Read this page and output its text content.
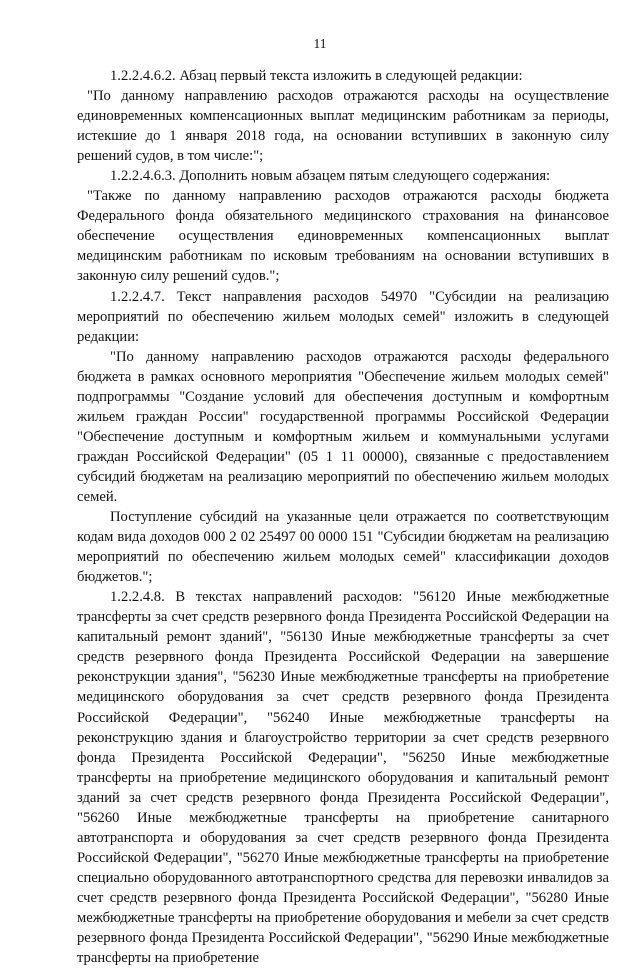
11

1.2.2.4.6.2. Абзац первый текста изложить в следующей редакции:

"По данному направлению расходов отражаются расходы на осуществление единовременных компенсационных выплат медицинским работникам за периоды, истекшие до 1 января 2018 года, на основании вступивших в законную силу решений судов, в том числе:";

1.2.2.4.6.3. Дополнить новым абзацем пятым следующего содержания:

"Также по данному направлению расходов отражаются расходы бюджета Федерального фонда обязательного медицинского страхования на финансовое обеспечение осуществления единовременных компенсационных выплат медицинским работникам по исковым требованиям на основании вступивших в законную силу решений судов.";

1.2.2.4.7. Текст направления расходов 54970 "Субсидии на реализацию мероприятий по обеспечению жильем молодых семей" изложить в следующей редакции:

"По данному направлению расходов отражаются расходы федерального бюджета в рамках основного мероприятия "Обеспечение жильем молодых семей" подпрограммы "Создание условий для обеспечения доступным и комфортным жильем граждан России" государственной программы Российской Федерации "Обеспечение доступным и комфортным жильем и коммунальными услугами граждан Российской Федерации" (05 1 11 00000), связанные с предоставлением субсидий бюджетам на реализацию мероприятий по обеспечению жильем молодых семей.

Поступление субсидий на указанные цели отражается по соответствующим кодам вида доходов 000 2 02 25497 00 0000 151 "Субсидии бюджетам на реализацию мероприятий по обеспечению жильем молодых семей" классификации доходов бюджетов.";

1.2.2.4.8. В текстах направлений расходов: "56120 Иные межбюджетные трансферты за счет средств резервного фонда Президента Российской Федерации на капитальный ремонт зданий", "56130 Иные межбюджетные трансферты за счет средств резервного фонда Президента Российской Федерации на завершение реконструкции здания", "56230 Иные межбюджетные трансферты на приобретение медицинского оборудования за счет средств резервного фонда Президента Российской Федерации", "56240 Иные межбюджетные трансферты на реконструкцию здания и благоустройство территории за счет средств резервного фонда Президента Российской Федерации", "56250 Иные межбюджетные трансферты на приобретение медицинского оборудования и капитальный ремонт зданий за счет средств резервного фонда Президента Российской Федерации", "56260 Иные межбюджетные трансферты на приобретение санитарного автотранспорта и оборудования за счет средств резервного фонда Президента Российской Федерации", "56270 Иные межбюджетные трансферты на приобретение специально оборудованного автотранспортного средства для перевозки инвалидов за счет средств резервного фонда Президента Российской Федерации", "56280 Иные межбюджетные трансферты на приобретение оборудования и мебели за счет средств резервного фонда Президента Российской Федерации", "56290 Иные межбюджетные трансферты на приобретение
